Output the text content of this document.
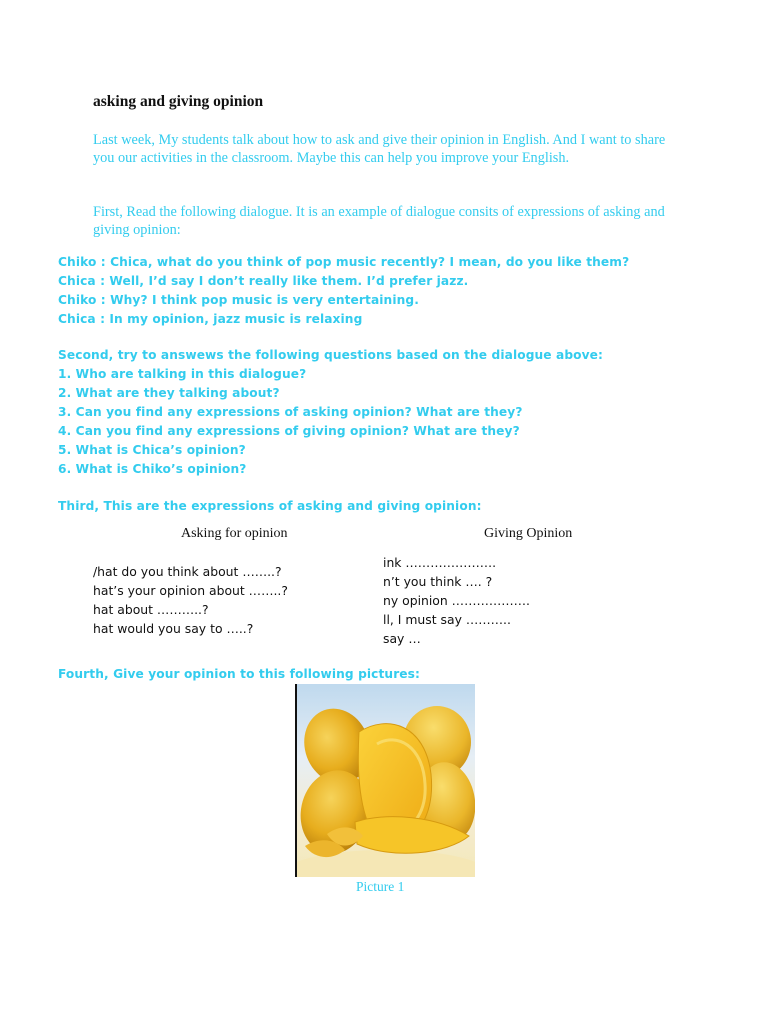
asking and giving opinion

Last week, My students talk about how to ask and give their opinion in English. And I want to share you our activities in the classroom. Maybe this can help you improve your English.

First, Read the following dialogue. It is an example of dialogue consits of expressions of asking and giving opinion:

Chiko : Chica, what do you think of pop music recently? I mean, do you like them?

Chica : Well, I’d say I don’t really like them. I’d prefer jazz.

Chiko : Why? I think pop music is very entertaining.

Chica : In my opinion, jazz music is relaxing

Second, try to answews the following questions based on the dialogue above:

1. Who are talking in this dialogue?

2. What are they talking about?

3. Can you find any expressions of asking opinion? What are they?

4. Can you find any expressions of giving opinion? What are they?

5. What is Chica’s opinion?

6. What is Chiko’s opinion?

Third, This are the expressions of asking and giving opinion:

Asking for opinion

/hat do you think about ……..?

hat’s your opinion about ……..?

hat about ………..?

hat would you say to …..?

Giving Opinion

ink ………………….

n’t you think …. ?

ny opinion ……………….

ll, I must say ………..

say …

Fourth, Give your opinion to this following pictures:

Picture 1
